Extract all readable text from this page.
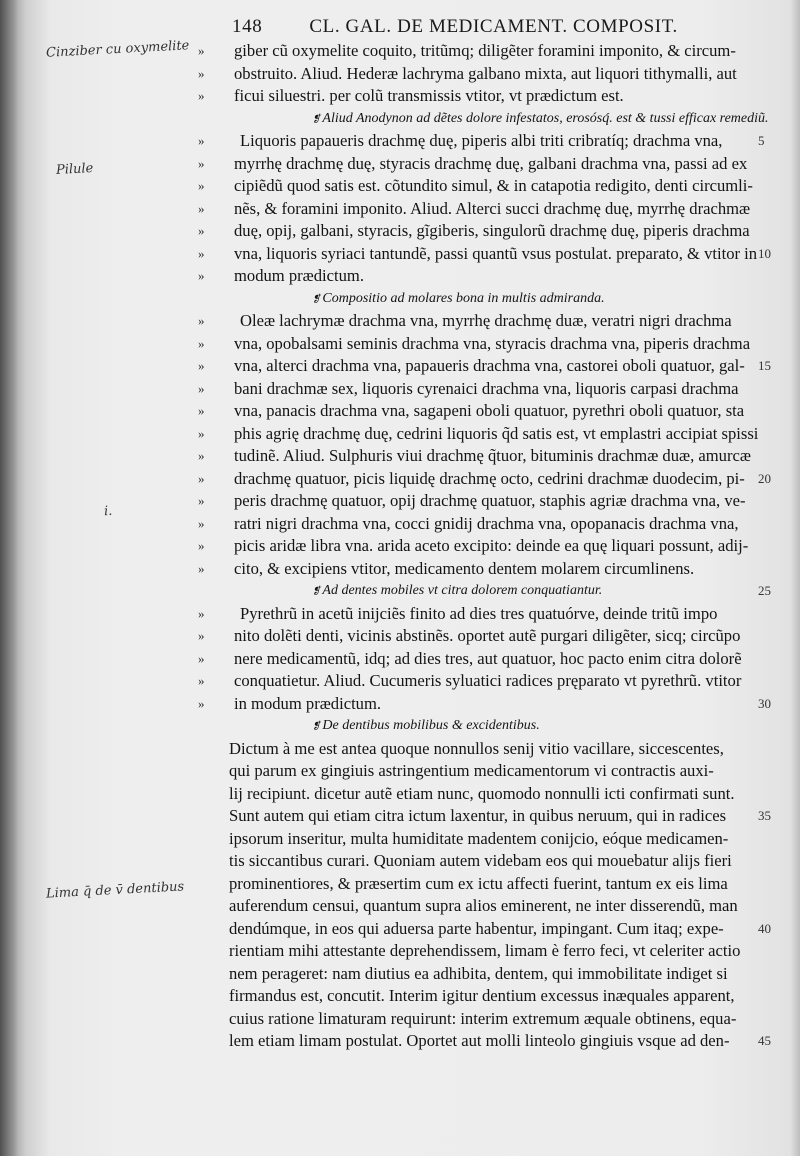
148 CL. GAL. DE MEDICAMENT. COMPOSIT.
Cinziber cu oxymelite
Pilule
i.
Lima q̄ de v̄ dentibus
» giber cũ oxymelite coquito, tritũmq; diligẽter foramini imponito, & circum-
» obstruito. Aliud. Hederæ lachryma galbano mixta, aut liquori tithymalli, aut
» ficui siluestri. per colũ transmissis vtitor, vt prædictum est.
❡ Aliud Anodynon ad dẽtes dolore infestatos, erosósq́. est & tussi efficax remediũ.
» Liquoris papaueris drachmę duę, piperis albi triti cribratíq; drachma vna,	5
» myrrhę drachmę duę, styracis drachmę duę, galbani drachma vna, passi ad ex
» cipiẽdũ quod satis est. cõtundito simul, & in catapotia redigito, denti circumli-
» nẽs, & foramini imponito. Aliud. Alterci succi drachmę duę, myrrhę drachmæ
» duę, opij, galbani, styracis, gĩgiberis, singulorũ drachmę duę, piperis drachma
» vna, liquoris syriaci tantundẽ, passi quantũ vsus postulat. preparato, & vtitor in 10
» modum prædictum.
❡ Compositio ad molares bona in multis admiranda.
» Oleæ lachrymæ drachma vna, myrrhę drachmę duæ, veratri nigri drachma
» vna, opobalsami seminis drachma vna, styracis drachma vna, piperis drachma
» vna, alterci drachma vna, papaueris drachma vna, castorei oboli quatuor, gal- 15
» bani drachmæ sex, liquoris cyrenaici drachma vna, liquoris carpasi drachma
» vna, panacis drachma vna, sagapeni oboli quatuor, pyrethri oboli quatuor, sta
» phis agrię drachmę duę, cedrini liquoris q̃d satis est, vt emplastri accipiat spissi
» tudinẽ. Aliud. Sulphuris viui drachmę q̃tuor, bituminis drachmæ duæ, amurcæ
» drachmę quatuor, picis liquidę drachmę octo, cedrini drachmæ duodecim, pi- 20
» peris drachmę quatuor, opij drachmę quatuor, staphis agriæ drachma vna, ve-
» ratri nigri drachma vna, cocci gnidij drachma vna, opopanacis drachma vna,
» picis aridæ libra vna. arida aceto excipito: deinde ea quę liquari possunt, adij-
» cito, & excipiens vtitor, medicamento dentem molarem circumlinens.
❡ Ad dentes mobiles vt citra dolorem conquatiantur.	25
» Pyrethrũ in acetũ inijciẽs finito ad dies tres quatuórve, deinde tritũ impo
» nito dolẽti denti, vicinis abstinẽs. oportet autẽ purgari diligẽter, sicq; circũpo
» nere medicamentũ, idq; ad dies tres, aut quatuor, hoc pacto enim citra dolorẽ
» conquatietur. Aliud. Cucumeris syluatici radices pręparato vt pyrethrũ. vtitor
» in modum prædictum.	30
❡ De dentibus mobilibus & excidentibus.
Dictum à me est antea quoque nonnullos senij vitio vacillare, siccescentes,
qui parum ex gingiuis astringentium medicamentorum vi contractis auxi-
lij recipiunt. dicetur autẽ etiam nunc, quomodo nonnulli icti confirmati sunt.
Sunt autem qui etiam citra ictum laxentur, in quibus neruum, qui in radices 35
ipsorum inseritur, multa humiditate madentem conijcio, eóque medicamen-
tis siccantibus curari. Quoniam autem videbam eos qui mouebatur alijs fieri
prominentiores, & præsertim cum ex ictu affecti fuerint, tantum ex eis lima
auferendum censui, quantum supra alios eminerent, ne inter disserendũ, man
dendúmque, in eos qui aduersa parte habentur, impingant. Cum itaq; expe-	40
rientiam mihi attestante deprehendissem, limam è ferro feci, vt celeriter actio
nem perageret: nam diutius ea adhibita, dentem, qui immobilitate indiget si
firmandus est, concutit. Interim igitur dentium excessus inæquales apparent,
cuius ratione limaturam requirunt: interim extremum æquale obtinens, equa-
lem etiam limam postulat. Oportet aut molli linteolo gingiuis vsque ad den- 45
